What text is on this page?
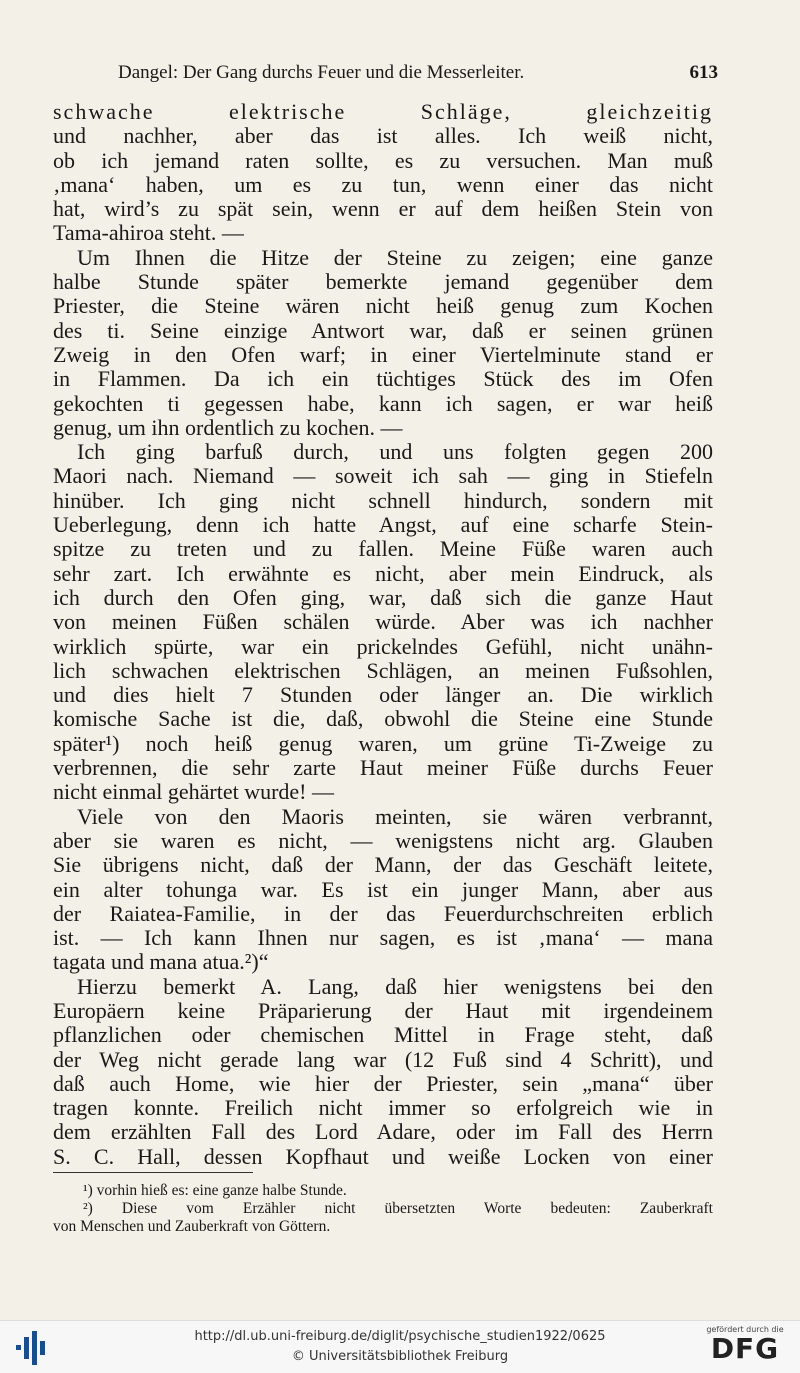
Dangel: Der Gang durchs Feuer und die Messerleiter.	613
schwache elektrische Schläge, gleichzeitig
und nachher, aber das ist alles. Ich weiß nicht,
ob ich jemand raten sollte, es zu versuchen. Man muß
‚mana‘ haben, um es zu tun, wenn einer das nicht
hat, wird’s zu spät sein, wenn er auf dem heißen Stein von
Tama-ahiroa steht. —
Um Ihnen die Hitze der Steine zu zeigen; eine ganze
halbe Stunde später bemerkte jemand gegenüber dem
Priester, die Steine wären nicht heiß genug zum Kochen
des ti. Seine einzige Antwort war, daß er seinen grünen
Zweig in den Ofen warf; in einer Viertelminute stand er
in Flammen. Da ich ein tüchtiges Stück des im Ofen
gekochten ti gegessen habe, kann ich sagen, er war heiß
genug, um ihn ordentlich zu kochen. —
Ich ging barfuß durch, und uns folgten gegen 200
Maori nach. Niemand — soweit ich sah — ging in Stiefeln
hinüber. Ich ging nicht schnell hindurch, sondern mit
Ueberlegung, denn ich hatte Angst, auf eine scharfe Stein-
spitze zu treten und zu fallen. Meine Füße waren auch
sehr zart. Ich erwähnte es nicht, aber mein Eindruck, als
ich durch den Ofen ging, war, daß sich die ganze Haut
von meinen Füßen schälen würde. Aber was ich nachher
wirklich spürte, war ein prickelndes Gefühl, nicht unähn-
lich schwachen elektrischen Schlägen, an meinen Fußsohlen,
und dies hielt 7 Stunden oder länger an. Die wirklich
komische Sache ist die, daß, obwohl die Steine eine Stunde
später¹) noch heiß genug waren, um grüne Ti-Zweige zu
verbrennen, die sehr zarte Haut meiner Füße durchs Feuer
nicht einmal gehärtet wurde! —
Viele von den Maoris meinten, sie wären verbrannt,
aber sie waren es nicht, — wenigstens nicht arg. Glauben
Sie übrigens nicht, daß der Mann, der das Geschäft leitete,
ein alter tohunga war. Es ist ein junger Mann, aber aus
der Raiatea-Familie, in der das Feuerdurchschreiten erblich
ist. — Ich kann Ihnen nur sagen, es ist ‚mana‘ — mana
tagata und mana atua.²)“
Hierzu bemerkt A. Lang, daß hier wenigstens bei den
Europäern keine Präparierung der Haut mit irgendeinem
pflanzlichen oder chemischen Mittel in Frage steht, daß
der Weg nicht gerade lang war (12 Fuß sind 4 Schritt), und
daß auch Home, wie hier der Priester, sein „mana“ über
tragen konnte. Freilich nicht immer so erfolgreich wie in
dem erzählten Fall des Lord Adare, oder im Fall des Herrn
S. C. Hall, dessen Kopfhaut und weiße Locken von einer
¹) vorhin hieß es: eine ganze halbe Stunde.
²) Diese vom Erzähler nicht übersetzten Worte bedeuten: Zauberkraft
von Menschen und Zauberkraft von Göttern.
http://dl.ub.uni-freiburg.de/diglit/psychische_studien1922/0625
© Universitätsbibliothek Freiburg
gefördert durch die
DFG
